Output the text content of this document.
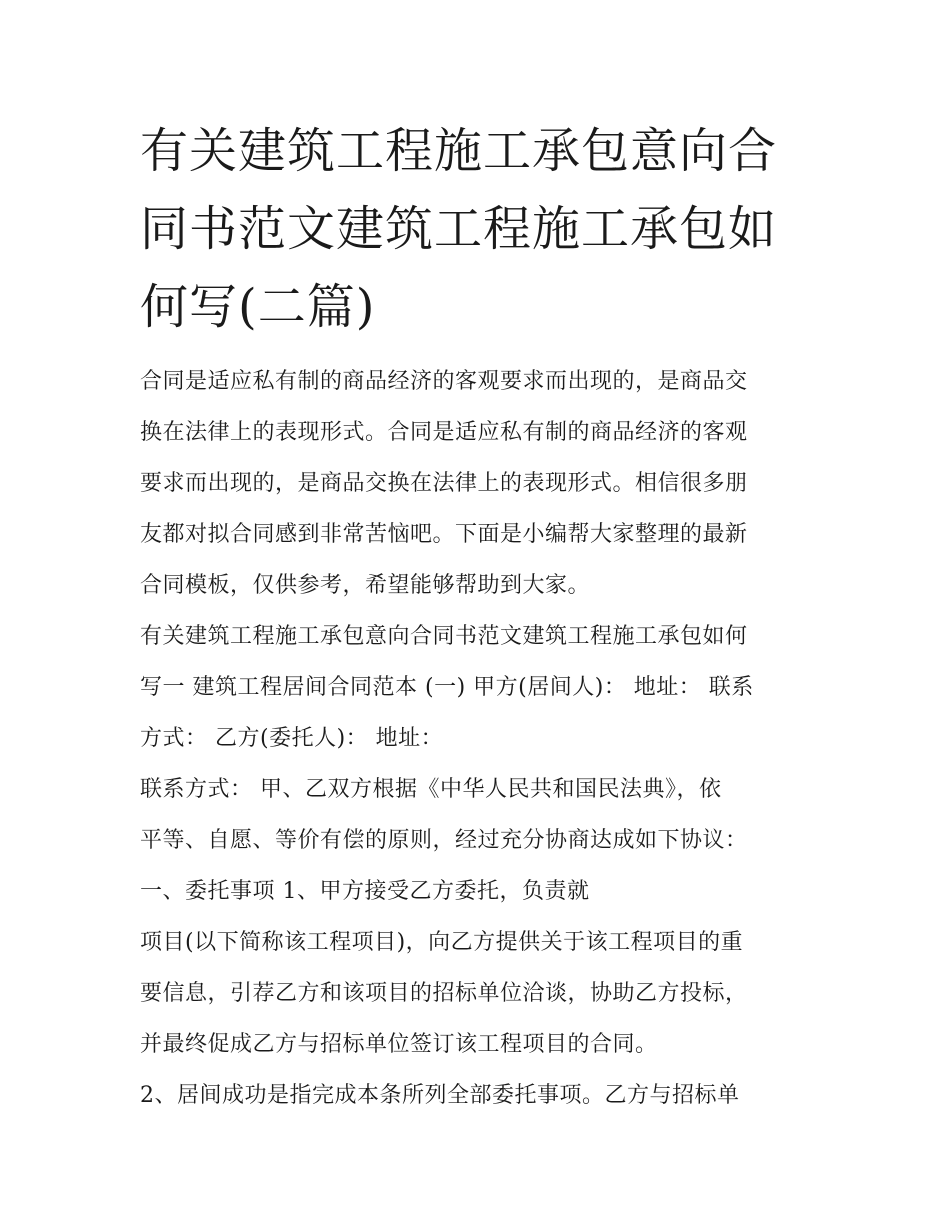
有关建筑工程施工承包意向合
同书范文建筑工程施工承包如
何写(二篇)

合同是适应私有制的商品经济的客观要求而出现的，是商品交
换在法律上的表现形式。合同是适应私有制的商品经济的客观
要求而出现的，是商品交换在法律上的表现形式。相信很多朋
友都对拟合同感到非常苦恼吧。下面是小编帮大家整理的最新
合同模板，仅供参考，希望能够帮助到大家。

有关建筑工程施工承包意向合同书范文建筑工程施工承包如何
写一 建筑工程居间合同范本 (一) 甲方(居间人)： 地址： 联系
方式： 乙方(委托人)： 地址：

联系方式： 甲、乙双方根据《中华人民共和国民法典》，依
平等、自愿、等价有偿的原则，经过充分协商达成如下协议：
一、委托事项 1、甲方接受乙方委托，负责就

项目(以下简称该工程项目)，向乙方提供关于该工程项目的重
要信息，引荐乙方和该项目的招标单位洽谈，协助乙方投标，
并最终促成乙方与招标单位签订该工程项目的合同。

2、居间成功是指完成本条所列全部委托事项。乙方与招标单
